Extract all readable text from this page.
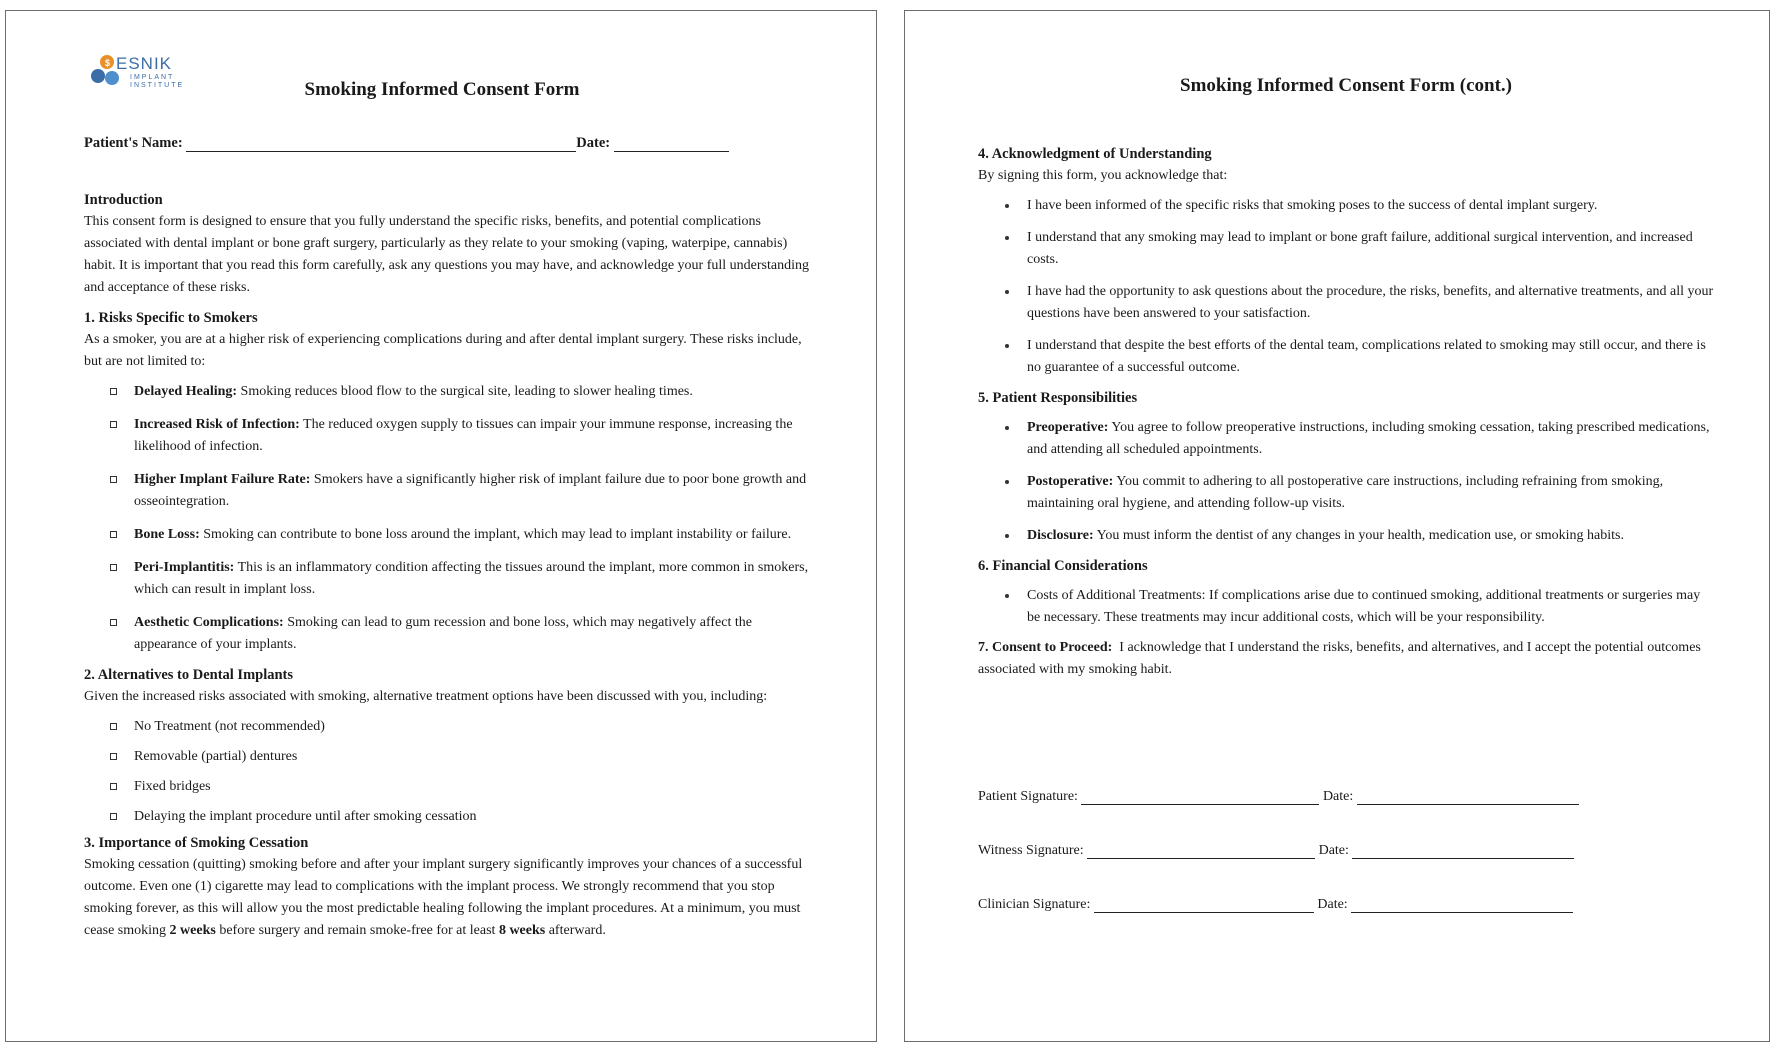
$ ESNIK
IMPLANT
INSTITUTE	Smoking Informed Consent Form
Patient's Name:	Date:
Introduction

This consent form is designed to ensure that you fully understand the specific risks, benefits, and potential complications associated with dental implant or bone graft surgery, particularly as they relate to your smoking (vaping, waterpipe, cannabis) habit. It is important that you read this form carefully, ask any questions you may have, and acknowledge your full understanding and acceptance of these risks.

1. Risks Specific to Smokers

As a smoker, you are at a higher risk of experiencing complications during and after dental implant surgery. These risks include, but are not limited to:

Delayed Healing: Smoking reduces blood flow to the surgical site, leading to slower healing times.
Increased Risk of Infection: The reduced oxygen supply to tissues can impair your immune response, increasing the likelihood of infection.
Higher Implant Failure Rate: Smokers have a significantly higher risk of implant failure due to poor bone growth and osseointegration.
Bone Loss: Smoking can contribute to bone loss around the implant, which may lead to implant instability or failure.
Peri-Implantitis: This is an inflammatory condition affecting the tissues around the implant, more common in smokers, which can result in implant loss.
Aesthetic Complications: Smoking can lead to gum recession and bone loss, which may negatively affect the appearance of your implants.
2. Alternatives to Dental Implants

Given the increased risks associated with smoking, alternative treatment options have been discussed with you, including:

No Treatment (not recommended)
Removable (partial) dentures
Fixed bridges
Delaying the implant procedure until after smoking cessation
3. Importance of Smoking Cessation

Smoking cessation (quitting) smoking before and after your implant surgery significantly improves your chances of a successful outcome. Even one (1) cigarette may lead to complications with the implant process. We strongly recommend that you stop smoking forever, as this will allow you the most predictable healing following the implant procedures. At a minimum, you must cease smoking 2 weeks before surgery and remain smoke-free for at least 8 weeks afterward.

Smoking Informed Consent Form (cont.)
4. Acknowledgment of Understanding

By signing this form, you acknowledge that:

I have been informed of the specific risks that smoking poses to the success of dental implant surgery.
I understand that any smoking may lead to implant or bone graft failure, additional surgical intervention, and increased costs.
I have had the opportunity to ask questions about the procedure, the risks, benefits, and alternative treatments, and all your questions have been answered to your satisfaction.
I understand that despite the best efforts of the dental team, complications related to smoking may still occur, and there is no guarantee of a successful outcome.
5. Patient Responsibilities
Preoperative: You agree to follow preoperative instructions, including smoking cessation, taking prescribed medications, and attending all scheduled appointments.
Postoperative: You commit to adhering to all postoperative care instructions, including refraining from smoking, maintaining oral hygiene, and attending follow-up visits.
Disclosure: You must inform the dentist of any changes in your health, medication use, or smoking habits.
6. Financial Considerations
Costs of Additional Treatments: If complications arise due to continued smoking, additional treatments or surgeries may be necessary. These treatments may incur additional costs, which will be your responsibility.

7. Consent to Proceed:  I acknowledge that I understand the risks, benefits, and alternatives, and I accept the potential outcomes associated with my smoking habit.

Patient Signature:	Date:
Witness Signature:	Date:
Clinician Signature:	Date:
